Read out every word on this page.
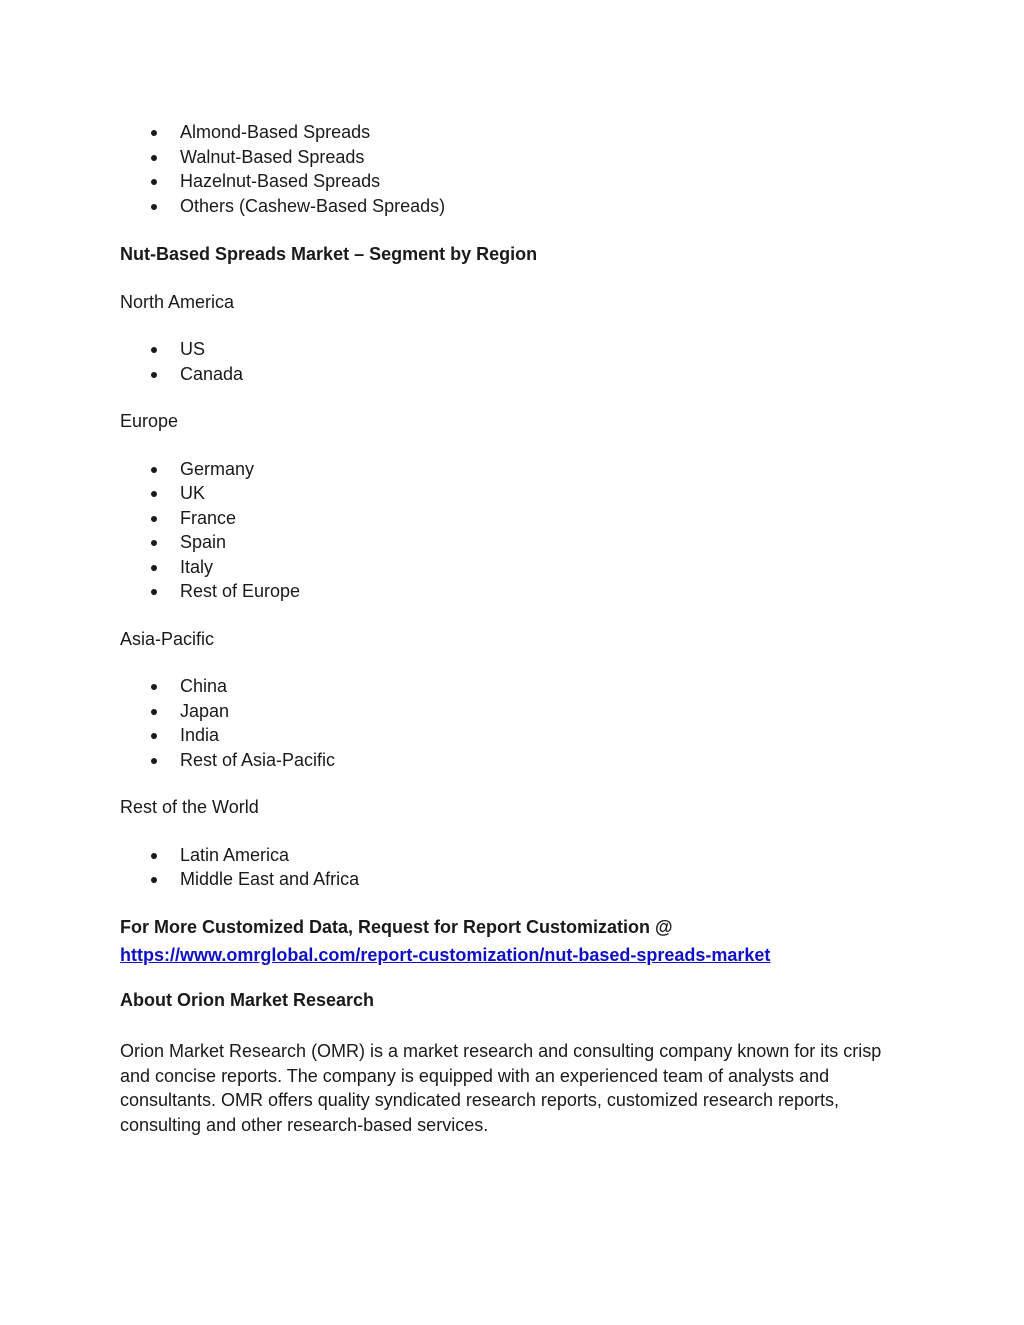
Almond-Based Spreads
Walnut-Based Spreads
Hazelnut-Based Spreads
Others (Cashew-Based Spreads)

Nut-Based Spreads Market – Segment by Region

North America

US
Canada

Europe

Germany
UK
France
Spain
Italy
Rest of Europe

Asia-Pacific

China
Japan
India
Rest of Asia-Pacific

Rest of the World

Latin America
Middle East and Africa

For More Customized Data, Request for Report Customization @

https://www.omrglobal.com/report-customization/nut-based-spreads-market

About Orion Market Research

Orion Market Research (OMR) is a market research and consulting company known for its crisp and concise reports. The company is equipped with an experienced team of analysts and consultants. OMR offers quality syndicated research reports, customized research reports, consulting and other research-based services.
